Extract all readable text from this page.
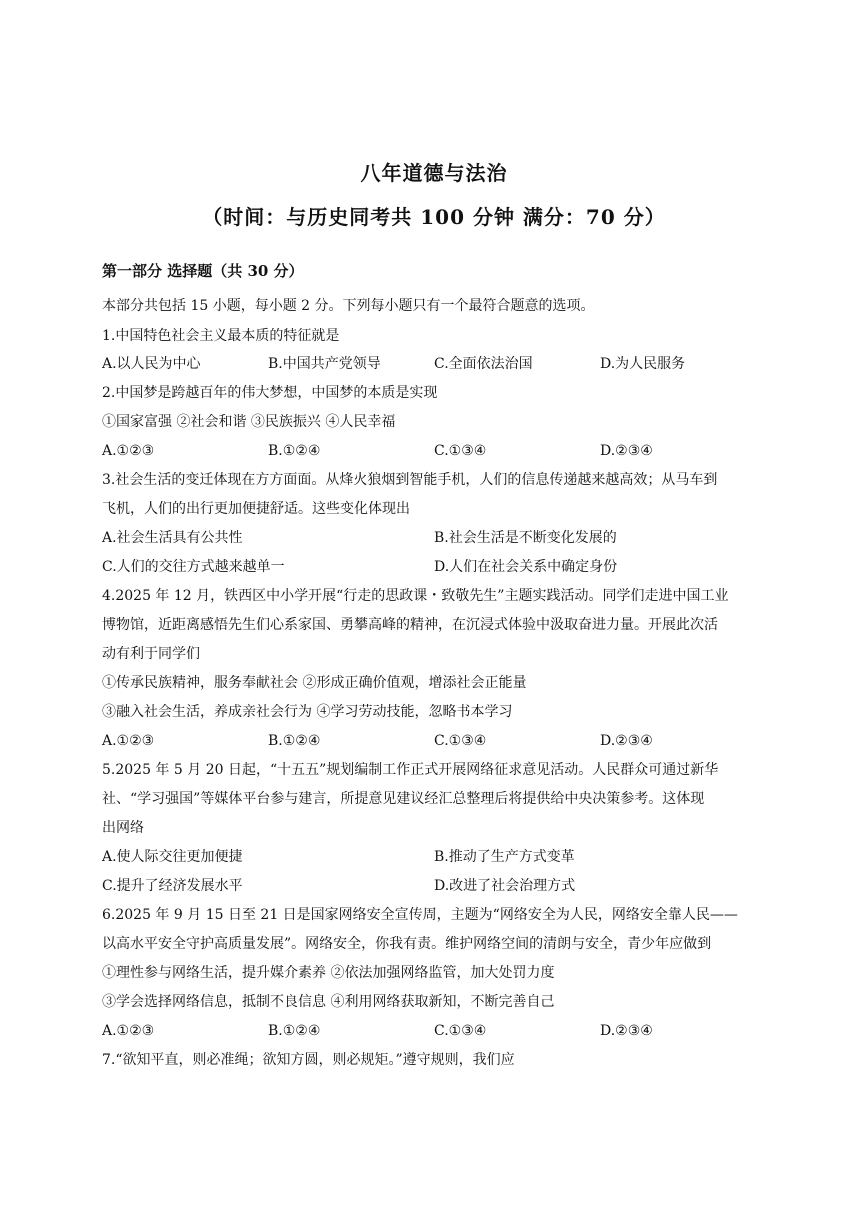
八年道德与法治
（时间：与历史同考共 100 分钟 满分：70 分）
第一部分 选择题（共 30 分）
本部分共包括 15 小题，每小题 2 分。下列每小题只有一个最符合题意的选项。
1.中国特色社会主义最本质的特征就是
A.以人民为中心	B.中国共产党领导	C.全面依法治国	D.为人民服务
2.中国梦是跨越百年的伟大梦想，中国梦的本质是实现
①国家富强 ②社会和谐 ③民族振兴 ④人民幸福
A.①②③	B.①②④	C.①③④	D.②③④
3.社会生活的变迁体现在方方面面。从烽火狼烟到智能手机，人们的信息传递越来越高效；从马车到
飞机，人们的出行更加便捷舒适。这些变化体现出
A.社会生活具有公共性	B.社会生活是不断变化发展的
C.人们的交往方式越来越单一	D.人们在社会关系中确定身份
4.2025 年 12 月，铁西区中小学开展“行走的思政课・致敬先生”主题实践活动。同学们走进中国工业
博物馆，近距离感悟先生们心系家国、勇攀高峰的精神，在沉浸式体验中汲取奋进力量。开展此次活
动有利于同学们
①传承民族精神，服务奉献社会 ②形成正确价值观，增添社会正能量
③融入社会生活，养成亲社会行为 ④学习劳动技能，忽略书本学习
A.①②③	B.①②④	C.①③④	D.②③④
5.2025 年 5 月 20 日起，“十五五”规划编制工作正式开展网络征求意见活动。人民群众可通过新华
社、“学习强国”等媒体平台参与建言，所提意见建议经汇总整理后将提供给中央决策参考。这体现
出网络
A.使人际交往更加便捷	B.推动了生产方式变革
C.提升了经济发展水平	D.改进了社会治理方式
6.2025 年 9 月 15 日至 21 日是国家网络安全宣传周，主题为“网络安全为人民，网络安全靠人民——
以高水平安全守护高质量发展”。网络安全，你我有责。维护网络空间的清朗与安全，青少年应做到
①理性参与网络生活，提升媒介素养 ②依法加强网络监管，加大处罚力度
③学会选择网络信息，抵制不良信息 ④利用网络获取新知，不断完善自己
A.①②③	B.①②④	C.①③④	D.②③④
7.“欲知平直，则必准绳；欲知方圆，则必规矩。”遵守规则，我们应
